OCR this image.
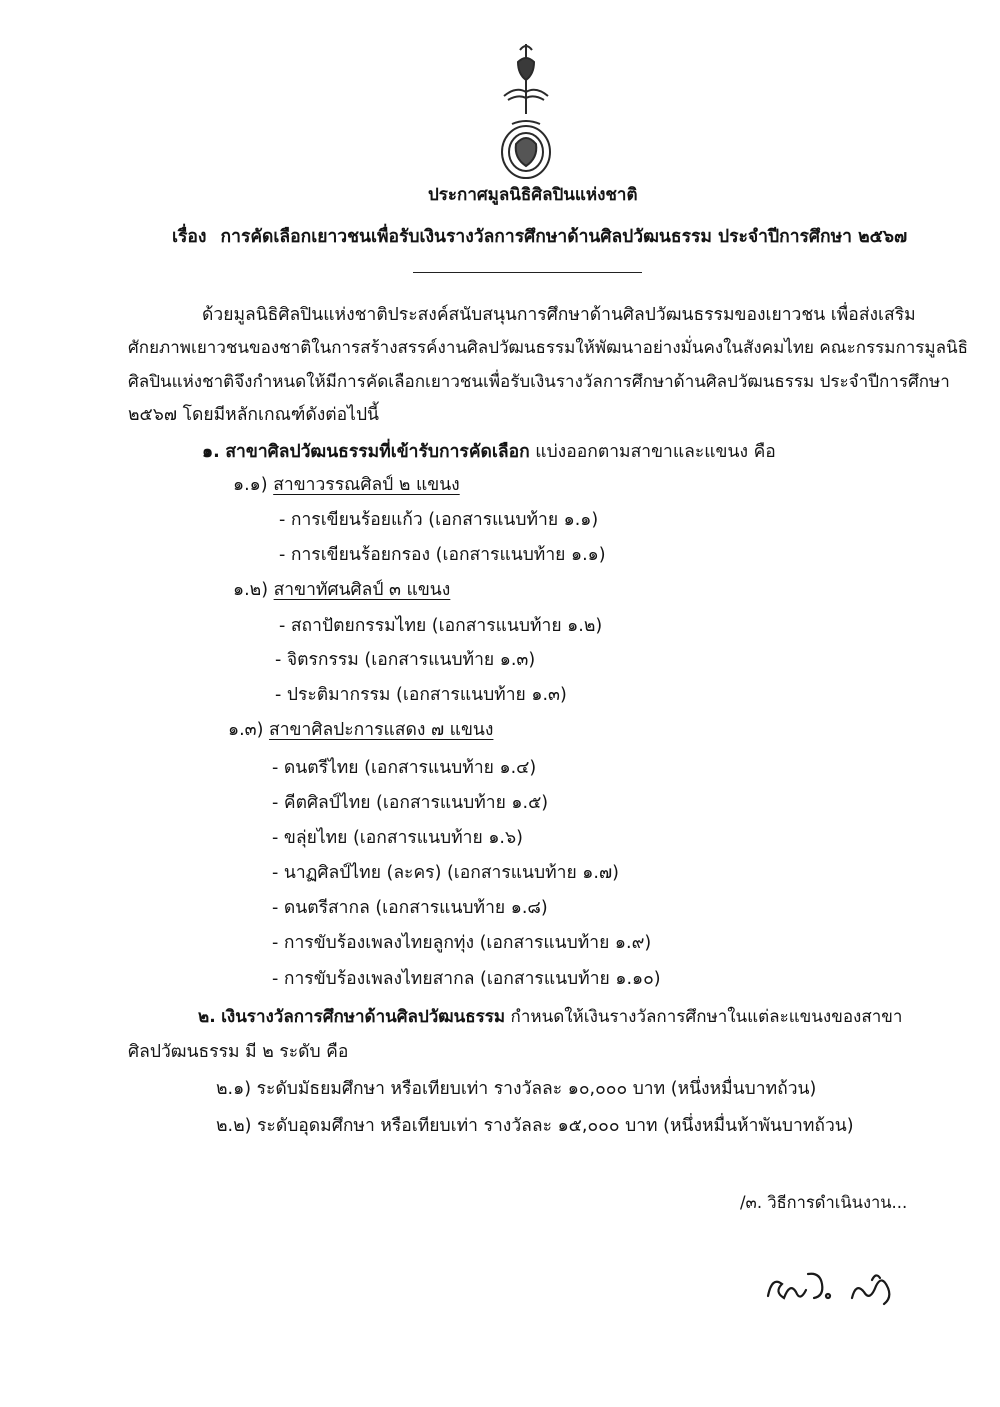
ประกาศมูลนิธิศิลปินแห่งชาติ
เรื่อง การคัดเลือกเยาวชนเพื่อรับเงินรางวัลการศึกษาด้านศิลปวัฒนธรรม ประจำปีการศึกษา ๒๕๖๗
ด้วยมูลนิธิศิลปินแห่งชาติประสงค์สนับสนุนการศึกษาด้านศิลปวัฒนธรรมของเยาวชน เพื่อส่งเสริม
ศักยภาพเยาวชนของชาติในการสร้างสรรค์งานศิลปวัฒนธรรมให้พัฒนาอย่างมั่นคงในสังคมไทย คณะกรรมการมูลนิธิ
ศิลปินแห่งชาติจึงกำหนดให้มีการคัดเลือกเยาวชนเพื่อรับเงินรางวัลการศึกษาด้านศิลปวัฒนธรรม ประจำปีการศึกษา
๒๕๖๗ โดยมีหลักเกณฑ์ดังต่อไปนี้
๑. สาขาศิลปวัฒนธรรมที่เข้ารับการคัดเลือก แบ่งออกตามสาขาและแขนง คือ
๑.๑) สาขาวรรณศิลป์ ๒ แขนง
- การเขียนร้อยแก้ว (เอกสารแนบท้าย ๑.๑)
- การเขียนร้อยกรอง (เอกสารแนบท้าย ๑.๑)
๑.๒) สาขาทัศนศิลป์ ๓ แขนง
- สถาปัตยกรรมไทย (เอกสารแนบท้าย ๑.๒)
- จิตรกรรม (เอกสารแนบท้าย ๑.๓)
- ประติมากรรม (เอกสารแนบท้าย ๑.๓)
๑.๓) สาขาศิลปะการแสดง ๗ แขนง
- ดนตรีไทย (เอกสารแนบท้าย ๑.๔)
- คีตศิลป์ไทย (เอกสารแนบท้าย ๑.๕)
- ขลุ่ยไทย (เอกสารแนบท้าย ๑.๖)
- นาฏศิลป์ไทย (ละคร) (เอกสารแนบท้าย ๑.๗)
- ดนตรีสากล (เอกสารแนบท้าย ๑.๘)
- การขับร้องเพลงไทยลูกทุ่ง (เอกสารแนบท้าย ๑.๙)
- การขับร้องเพลงไทยสากล (เอกสารแนบท้าย ๑.๑๐)
๒. เงินรางวัลการศึกษาด้านศิลปวัฒนธรรม กำหนดให้เงินรางวัลการศึกษาในแต่ละแขนงของสาขา
ศิลปวัฒนธรรม มี ๒ ระดับ คือ
๒.๑) ระดับมัธยมศึกษา หรือเทียบเท่า รางวัลละ ๑๐,๐๐๐ บาท (หนึ่งหมื่นบาทถ้วน)
๒.๒) ระดับอุดมศึกษา หรือเทียบเท่า รางวัลละ ๑๕,๐๐๐ บาท (หนึ่งหมื่นห้าพันบาทถ้วน)
/๓. วิธีการดำเนินงาน...
